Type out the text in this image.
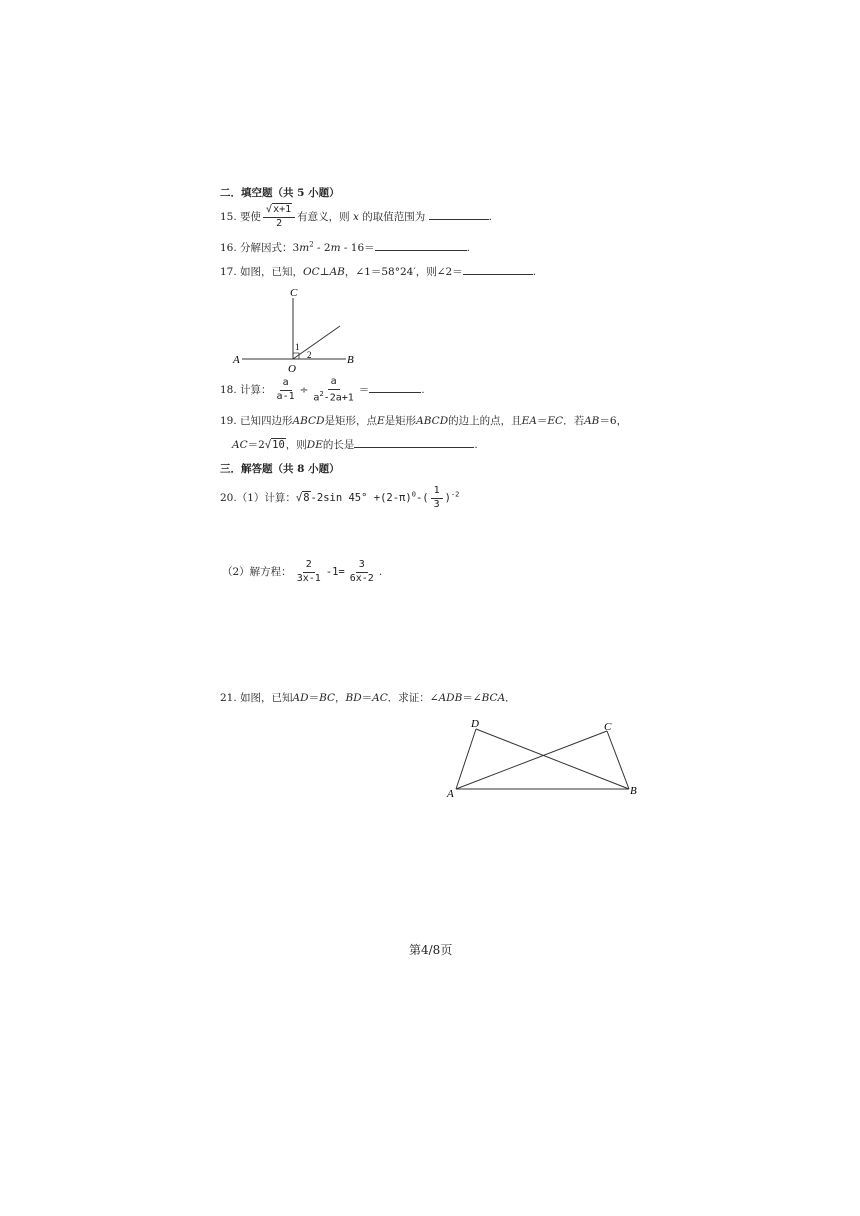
二．填空题（共 5 小题）
15. 要使 $\frac{√x+1}{2}$ 有意义，则 x 的取值范围为	.
16. 分解因式：$3m^2 - 2m - 16=$	.
17. 如图，已知，OC⊥AB，∠1＝58°24′，则∠2＝	.
C
A
O
B
1
2
18. 计算： $\frac{a}{a-1} \div \frac{a}{a^2-2a+1}$ ＝	.
19. 已知四边形ABCD是矩形，点E是矩形ABCD的边上的点，且EA＝EC．若AB＝6，
AC＝2√10，则DE的长是	.
三．解答题（共 8 小题）
20.（1）计算：√8-2sin $45^\circ +(2-\pi)^0-( \frac{1}{3} )^{-2}$
（2）解方程： $\frac{2}{3x-1} -1= \frac{3}{6x-2}$ .
21. 如图，已知AD＝BC，BD＝AC．求证：∠ADB＝∠BCA．
D	C
A	B
第4/8页
